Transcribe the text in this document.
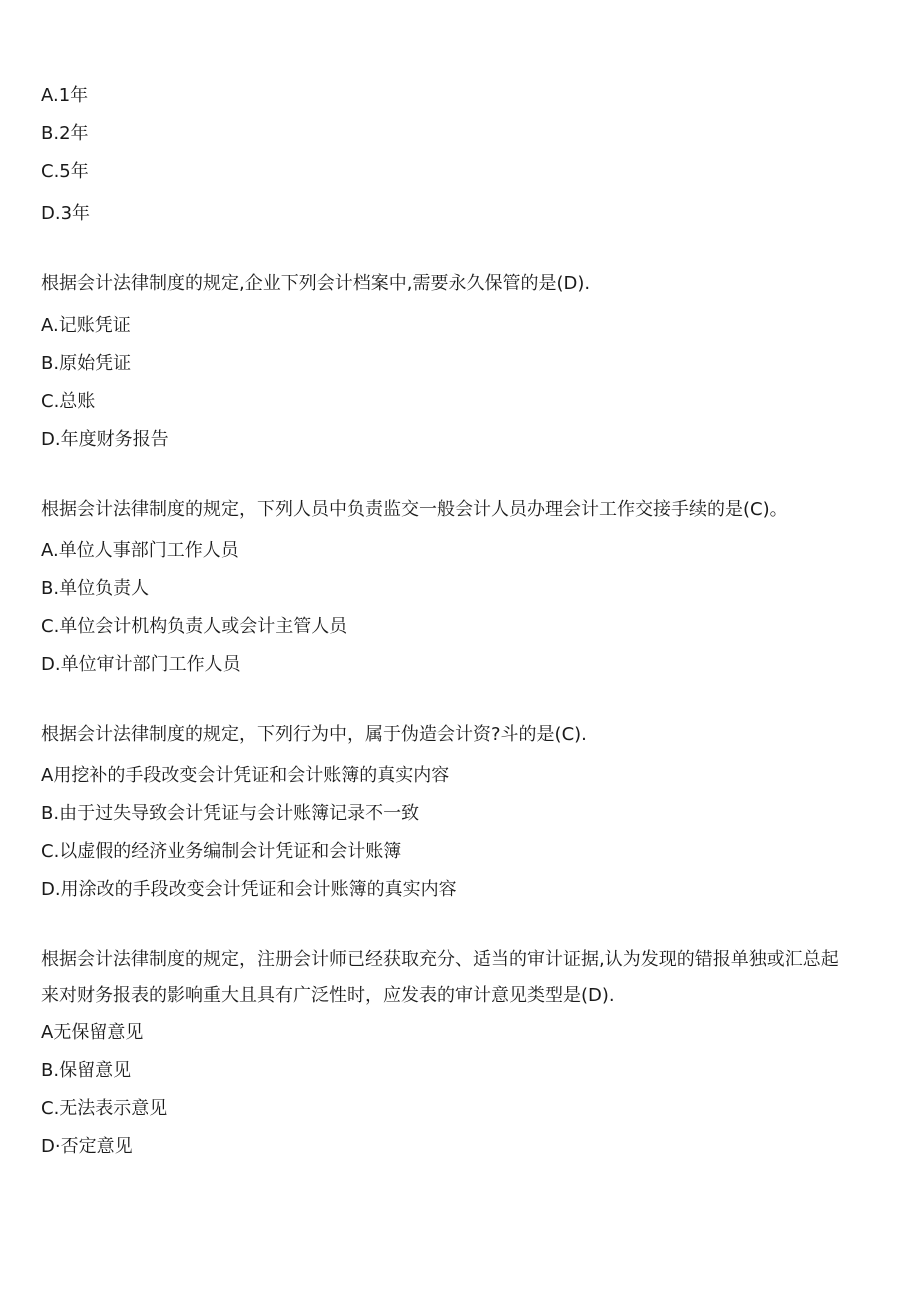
A.1年
B.2年
C.5年
D.3年
根据会计法律制度的规定,企业下列会计档案中,需要永久保管的是(D).
A.记账凭证
B.原始凭证
C.总账
D.年度财务报告
根据会计法律制度的规定，下列人员中负责监交一般会计人员办理会计工作交接手续的是(C)。
A.单位人事部门工作人员
B.单位负责人
C.单位会计机构负责人或会计主管人员
D.单位审计部门工作人员
根据会计法律制度的规定，下列行为中，属于伪造会计资?斗的是(C).
A用挖补的手段改变会计凭证和会计账簿的真实内容
B.由于过失导致会计凭证与会计账簿记录不一致
C.以虚假的经济业务编制会计凭证和会计账簿
D.用涂改的手段改变会计凭证和会计账簿的真实内容
根据会计法律制度的规定，注册会计师已经获取充分、适当的审计证据,认为发现的错报单独或汇总起
来对财务报表的影响重大且具有广泛性时，应发表的审计意见类型是(D).
A无保留意见
B.保留意见
C.无法表示意见
D·否定意见
